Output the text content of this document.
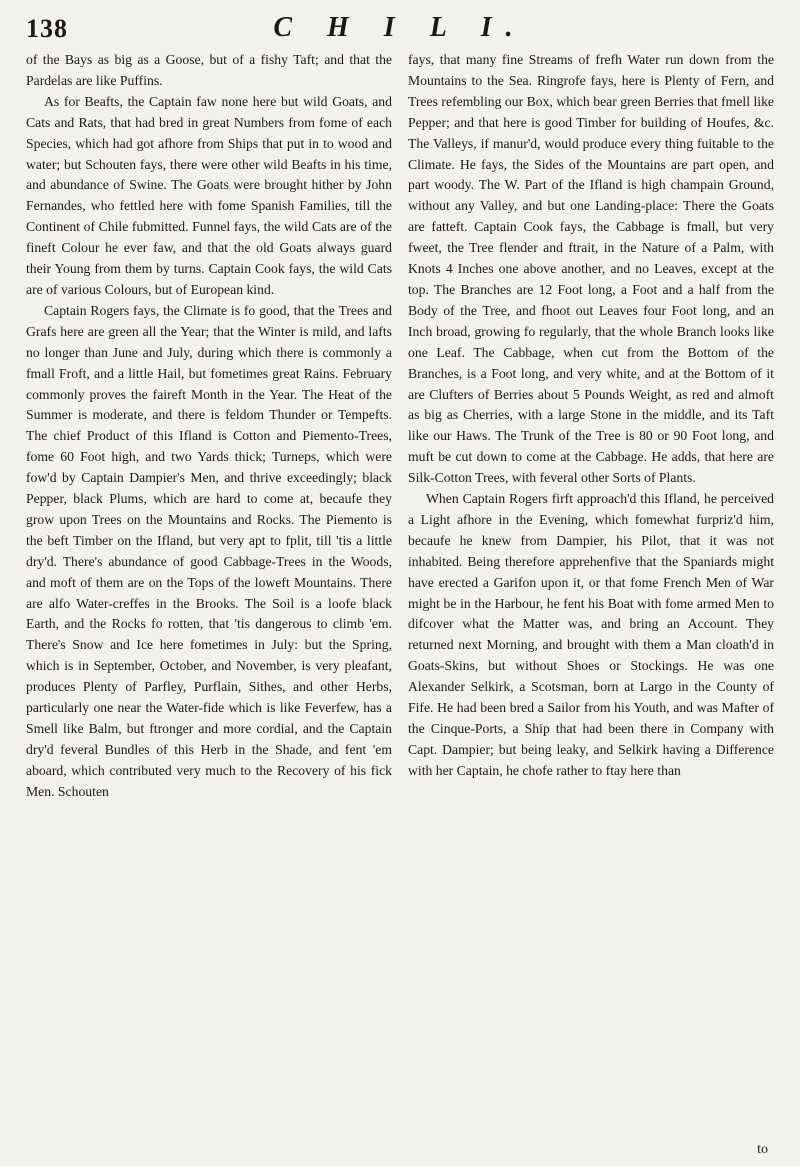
138	C H I L I.

of the Bays as big as a Goose, but of a fishy Taft; and that the Pardelas are like Puffins.

As for Beafts, the Captain faw none here but wild Goats, and Cats and Rats, that had bred in great Numbers from fome of each Species, which had got afhore from Ships that put in to wood and water; but Schouten fays, there were other wild Beafts in his time, and abundance of Swine. The Goats were brought hither by John Fernandes, who fettled here with fome Spanish Families, till the Continent of Chile fubmitted. Funnel fays, the wild Cats are of the fineft Colour he ever faw, and that the old Goats always guard their Young from them by turns. Captain Cook fays, the wild Cats are of various Colours, but of European kind.

Captain Rogers fays, the Climate is fo good, that the Trees and Grafs here are green all the Year; that the Winter is mild, and lafts no longer than June and July, during which there is commonly a fmall Froft, and a little Hail, but fometimes great Rains. February commonly proves the faireft Month in the Year. The Heat of the Summer is moderate, and there is feldom Thunder or Tempefts. The chief Product of this Ifland is Cotton and Piemento-Trees, fome 60 Foot high, and two Yards thick; Turneps, which were fow'd by Captain Dampier's Men, and thrive exceedingly; black Pepper, black Plums, which are hard to come at, becaufe they grow upon Trees on the Mountains and Rocks. The Piemento is the beft Timber on the Ifland, but very apt to fplit, till 'tis a little dry'd. There's abundance of good Cabbage-Trees in the Woods, and moft of them are on the Tops of the loweft Mountains. There are alfo Water-creffes in the Brooks. The Soil is a loofe black Earth, and the Rocks fo rotten, that 'tis dangerous to climb 'em. There's Snow and Ice here fometimes in July: but the Spring, which is in September, October, and November, is very pleafant, produces Plenty of Parfley, Purflain, Sithes, and other Herbs, particularly one near the Water-fide which is like Feverfew, has a Smell like Balm, but ftronger and more cordial, and the Captain dry'd feveral Bundles of this Herb in the Shade, and fent 'em aboard, which contributed very much to the Recovery of his fick Men. Schouten

fays, that many fine Streams of frefh Water run down from the Mountains to the Sea. Ringrofe fays, here is Plenty of Fern, and Trees refembling our Box, which bear green Berries that fmell like Pepper; and that here is good Timber for building of Houfes, &c. The Valleys, if manur'd, would produce every thing fuitable to the Climate. He fays, the Sides of the Mountains are part open, and part woody. The W. Part of the Ifland is high champain Ground, without any Valley, and but one Landing-place: There the Goats are fatteft. Captain Cook fays, the Cabbage is fmall, but very fweet, the Tree flender and ftrait, in the Nature of a Palm, with Knots 4 Inches one above another, and no Leaves, except at the top. The Branches are 12 Foot long, a Foot and a half from the Body of the Tree, and fhoot out Leaves four Foot long, and an Inch broad, growing fo regularly, that the whole Branch looks like one Leaf. The Cabbage, when cut from the Bottom of the Branches, is a Foot long, and very white, and at the Bottom of it are Clufters of Berries about 5 Pounds Weight, as red and almoft as big as Cherries, with a large Stone in the middle, and its Taft like our Haws. The Trunk of the Tree is 80 or 90 Foot long, and muft be cut down to come at the Cabbage. He adds, that here are Silk-Cotton Trees, with feveral other Sorts of Plants.

When Captain Rogers firft approach'd this Ifland, he perceived a Light afhore in the Evening, which fomewhat furpriz'd him, becaufe he knew from Dampier, his Pilot, that it was not inhabited. Being therefore apprehenfive that the Spaniards might have erected a Garifon upon it, or that fome French Men of War might be in the Harbour, he fent his Boat with fome armed Men to difcover what the Matter was, and bring an Account. They returned next Morning, and brought with them a Man cloath'd in Goats-Skins, but without Shoes or Stockings. He was one Alexander Selkirk, a Scotsman, born at Largo in the County of Fife. He had been bred a Sailor from his Youth, and was Mafter of the Cinque-Ports, a Ship that had been there in Company with Capt. Dampier; but being leaky, and Selkirk having a Difference with her Captain, he chofe rather to ftay here than

to
